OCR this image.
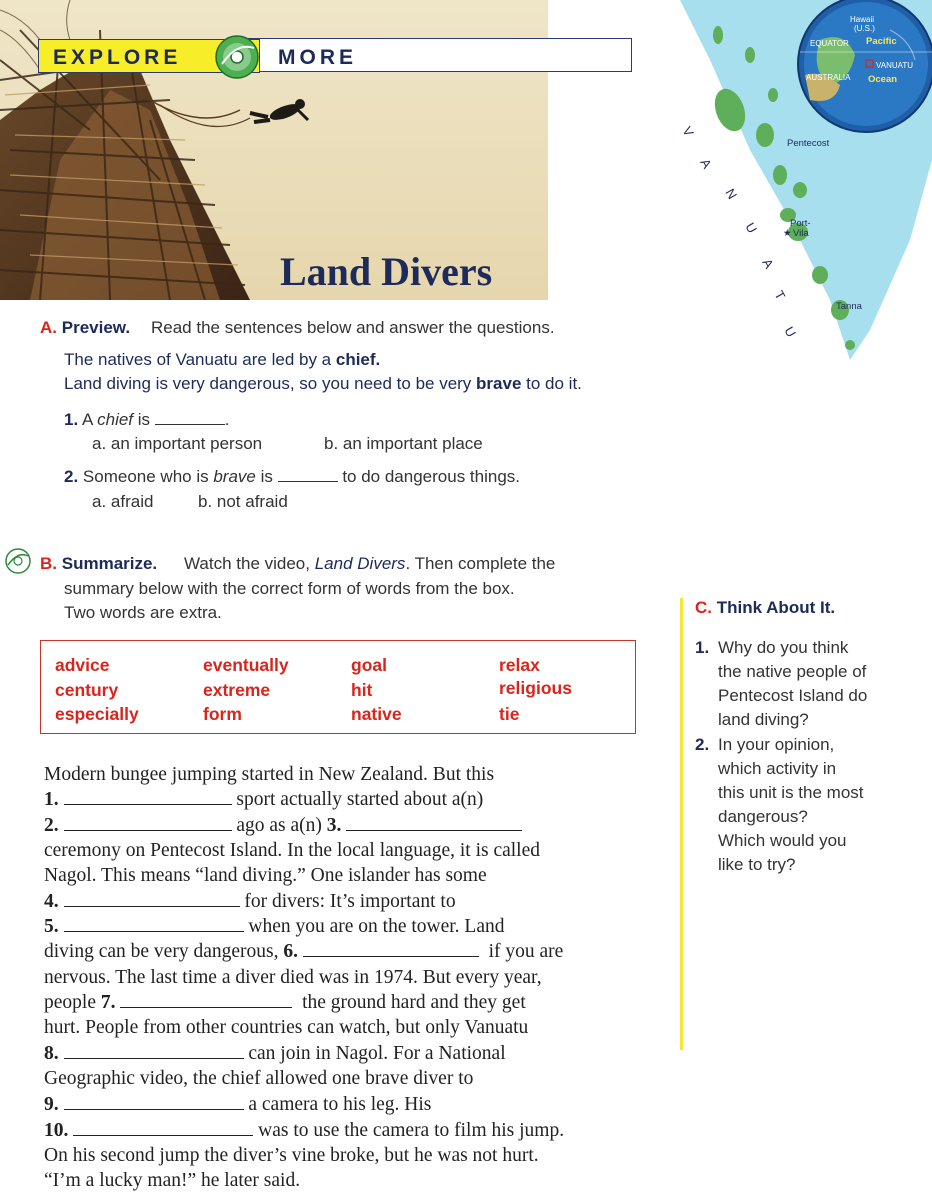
EXPLORE	MORE
Land Divers
V
A
N
U
A
T
U
Pentecost
Port-
Vila
★
Tanna
Hawaii
(U.S.)
EQUATOR
AUSTRALIA
VANUATU
Pacific
Ocean
A. Preview. Read the sentences below and answer the questions.
The natives of Vanuatu are led by a chief.
Land diving is very dangerous, so you need to be very brave to do it.
1. A chief is	.
a. an important person	b. an important place
2. Someone who is brave is	to do dangerous things.
a. afraid	b. not afraid
B. Summarize. Watch the video, Land Divers. Then complete the
summary below with the correct form of words from the box.
Two words are extra.
advice
century
especially
eventually
extreme
form
goal
hit
native
relax
religious
tie
Modern bungee jumping started in New Zealand. But this
1.	sport actually started about a(n)
2.	ago as a(n) 3.
ceremony on Pentecost Island. In the local language, it is called
Nagol. This means “land diving.” One islander has some
4.	for divers: It’s important to
5.	when you are on the tower. Land
diving can be very dangerous, 6.	if you are
nervous. The last time a diver died was in 1974. But every year,
people 7.	the ground hard and they get
hurt. People from other countries can watch, but only Vanuatu
8.	can join in Nagol. For a National
Geographic video, the chief allowed one brave diver to
9.	a camera to his leg. His
10.	was to use the camera to film his jump.
On his second jump the diver’s vine broke, but he was not hurt.
“I’m a lucky man!” he later said.
C. Think About It.
1. Why do you think
the native people of
Pentecost Island do
land diving?
2. In your opinion,
which activity in
this unit is the most
dangerous?
Which would you
like to try?
